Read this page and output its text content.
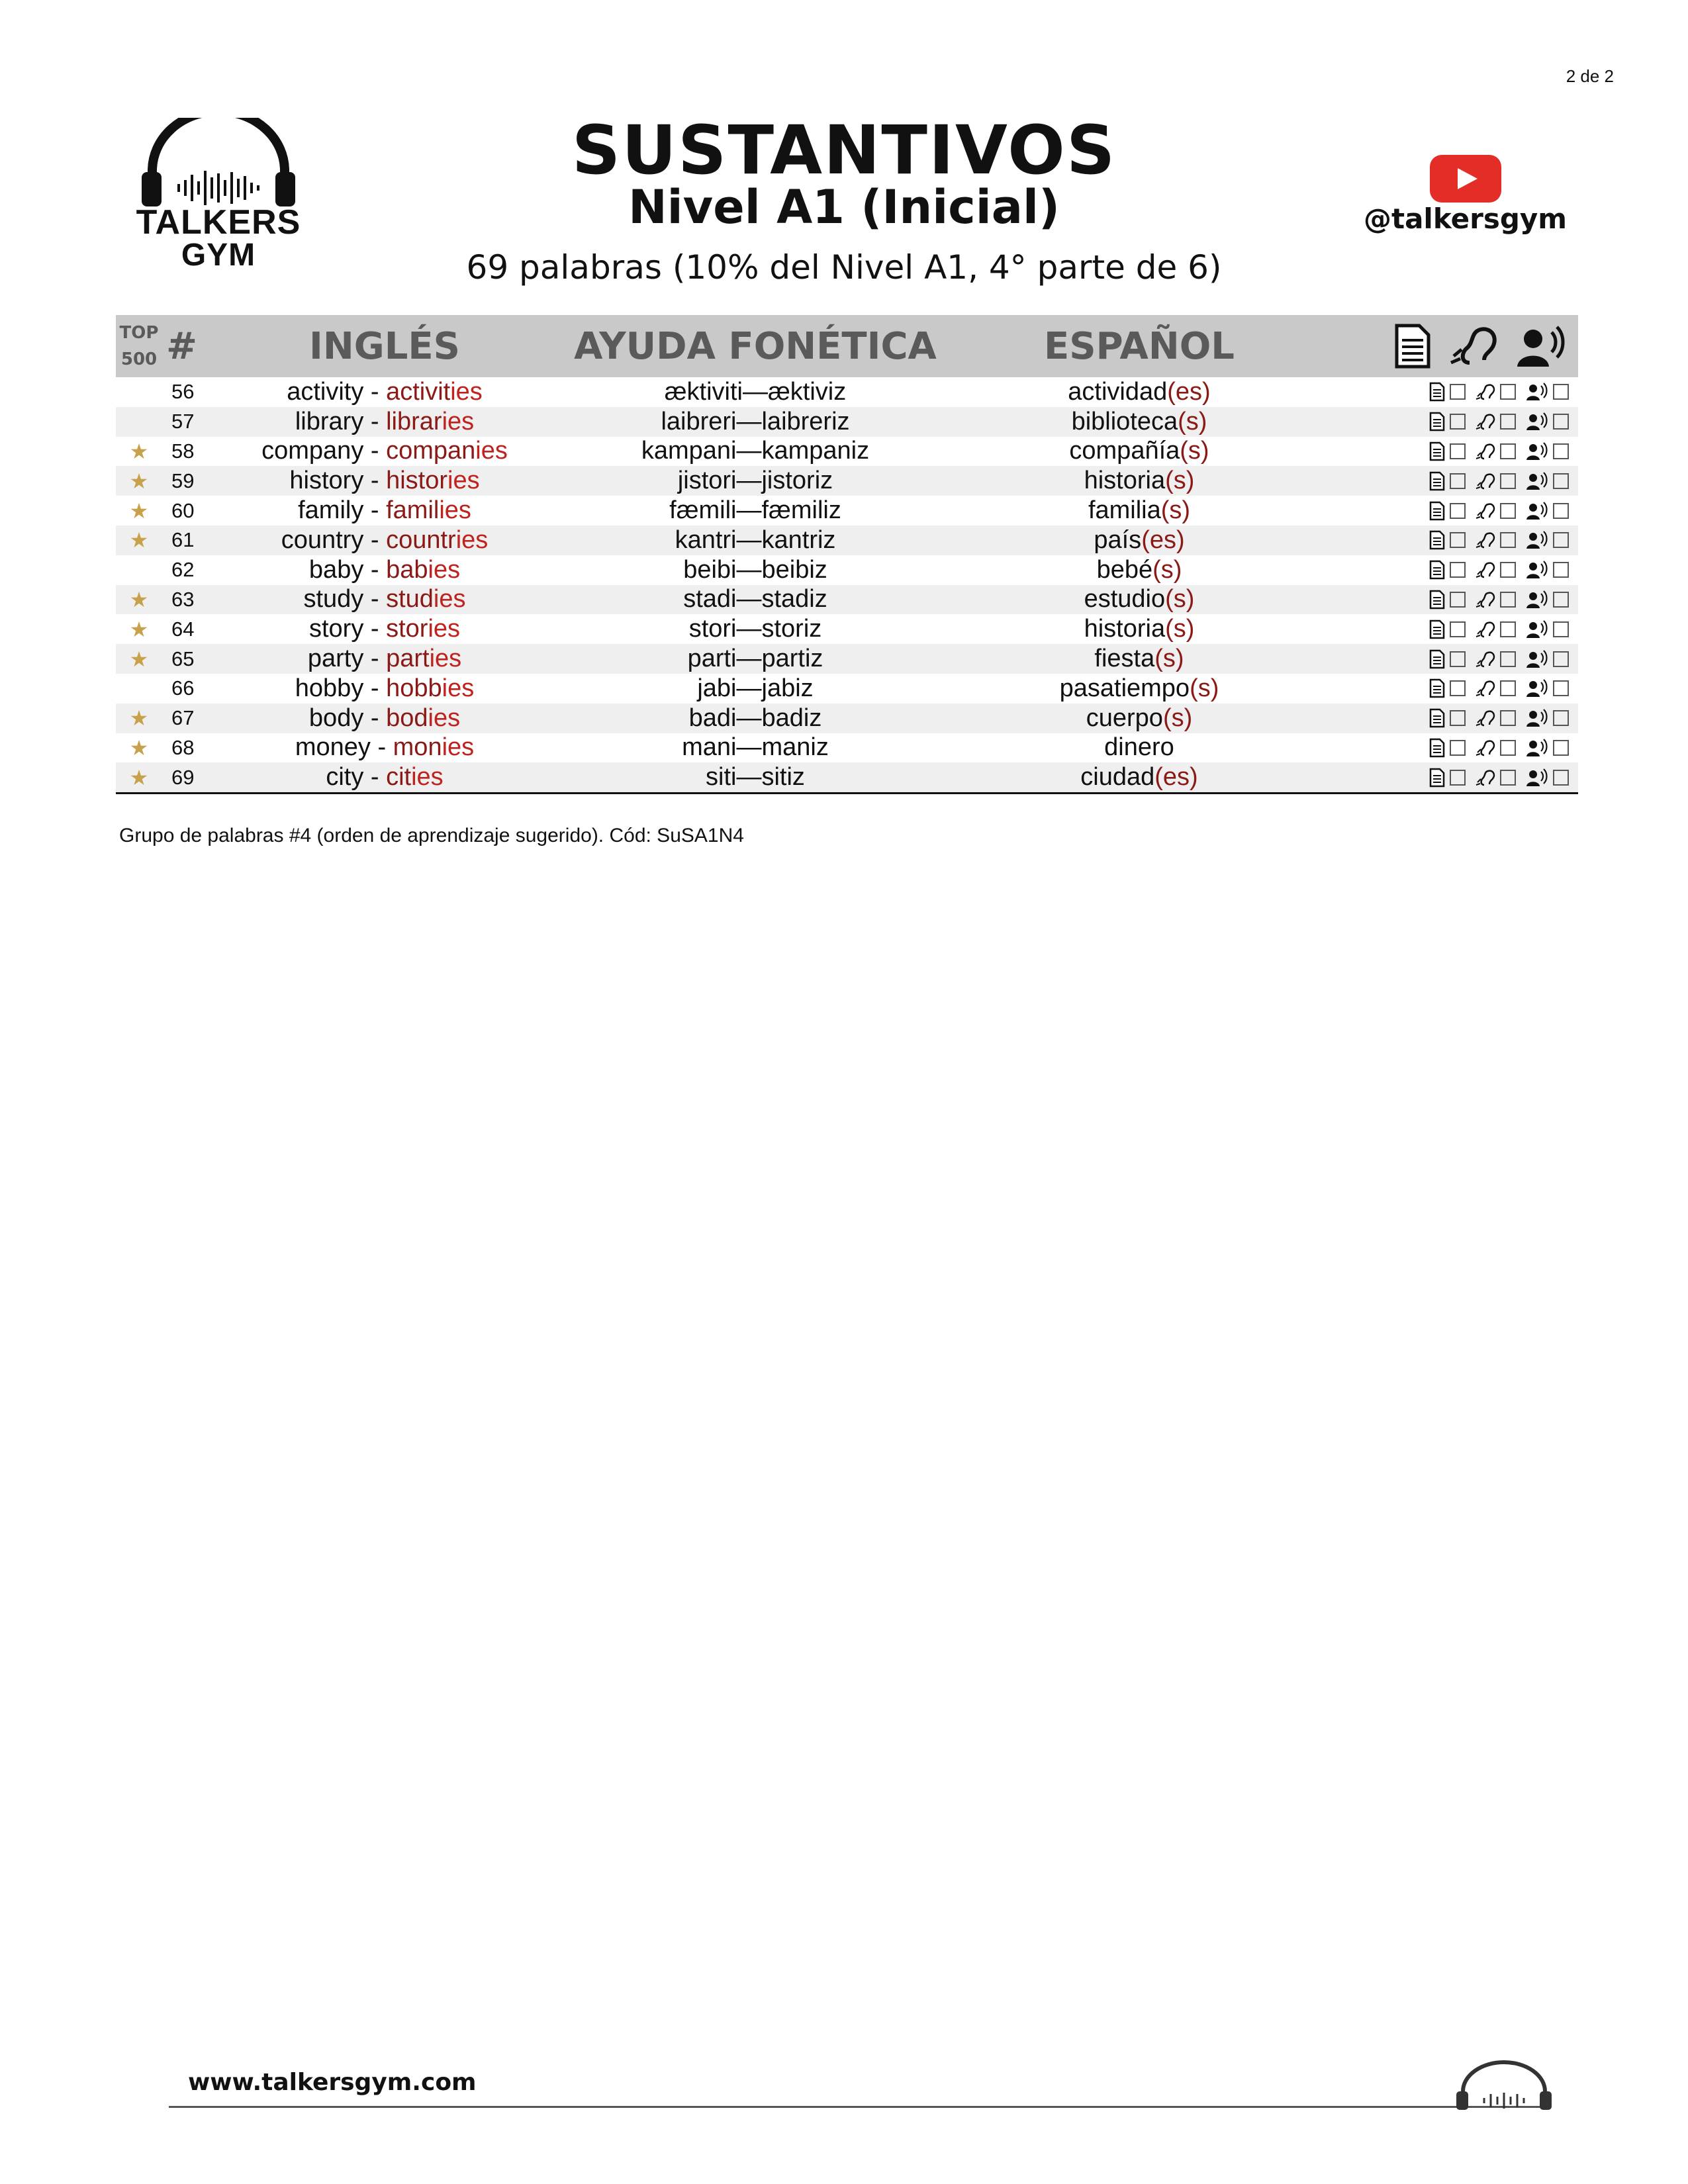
2 de 2
TALKERS
GYM
SUSTANTIVOS
Nivel A1 (Inicial)
69 palabras (10% del Nivel A1, 4° parte de 6)
@talkersgym
TOP
500	#	INGLÉS	AYUDA FONÉTICA	ESPAÑOL	

	56	activity - activities	æktiviti—æktiviz	actividad(es)	

	57	library - libraries	laibreri—laibreriz	biblioteca(s)	

★	58	company - companies	kampani—kampaniz	compañía(s)	

★	59	history - histories	jistori—jistoriz	historia(s)	

★	60	family - families	fæmili—fæmiliz	familia(s)	

★	61	country - countries	kantri—kantriz	país(es)	

	62	baby - babies	beibi—beibiz	bebé(s)	

★	63	study - studies	stadi—stadiz	estudio(s)	

★	64	story - stories	stori—storiz	historia(s)	

★	65	party - parties	parti—partiz	fiesta(s)	

	66	hobby - hobbies	jabi—jabiz	pasatiempo(s)	

★	67	body - bodies	badi—badiz	cuerpo(s)	

★	68	money - monies	mani—maniz	dinero	

★	69	city - cities	siti—sitiz	ciudad(es)	

Grupo de palabras #4 (orden de aprendizaje sugerido). Cód: SuSA1N4
www.talkersgym.com
